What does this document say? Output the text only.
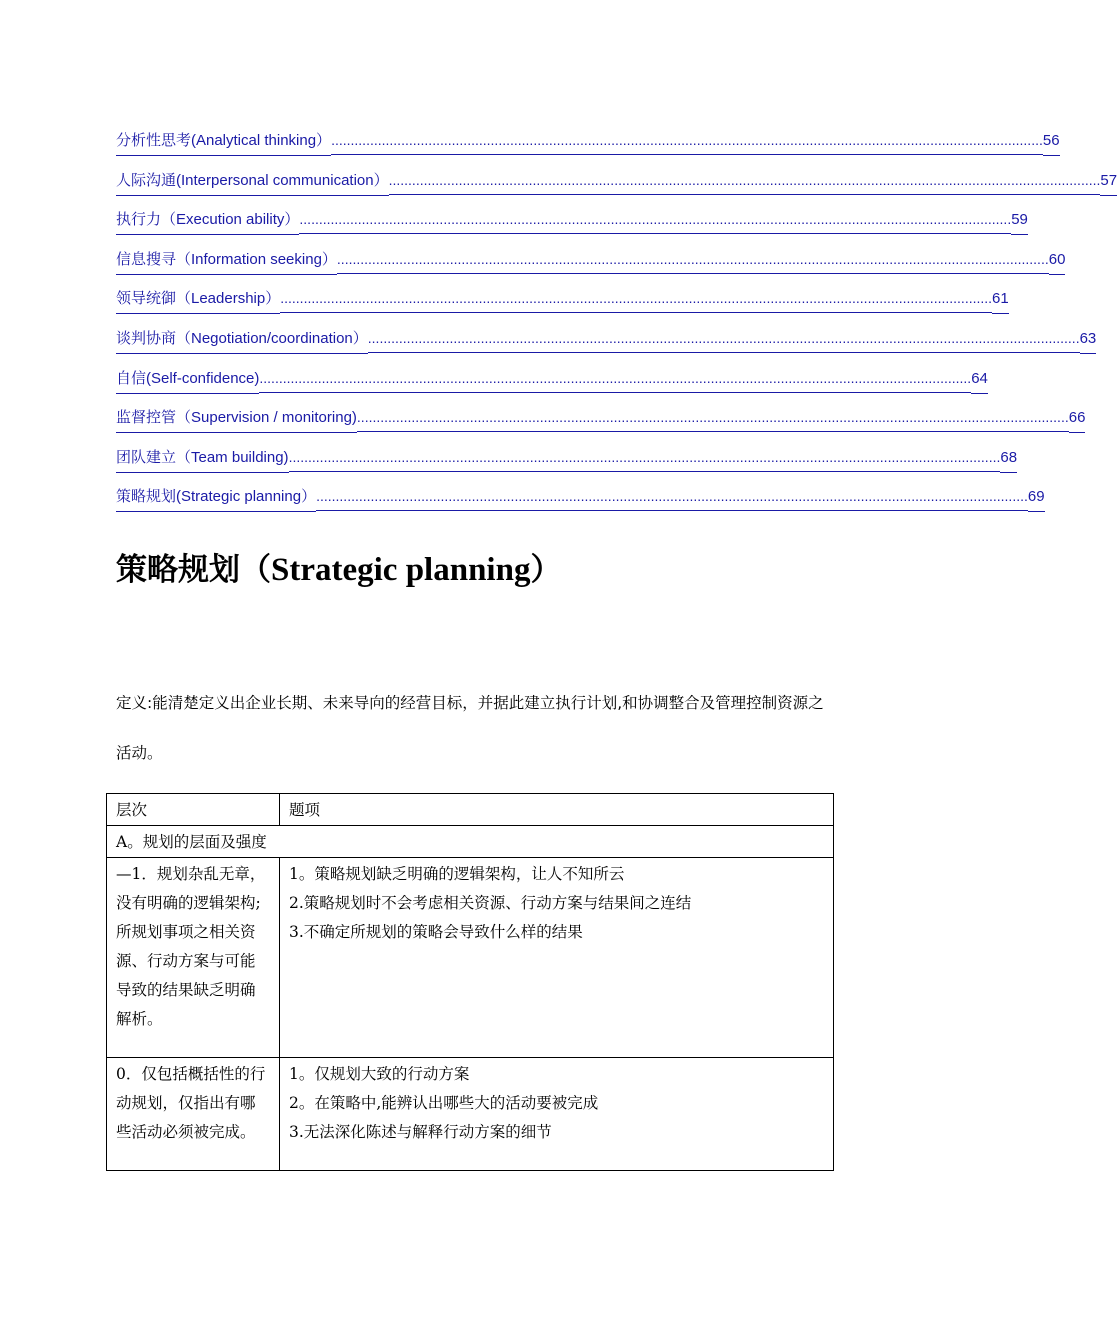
分析性思考(Analytical thinking） ....................................................................................................................................................................................... 56
人际沟通(Interpersonal communication） ....................................................................................................................................................................................... 57
执行力（Execution ability） ....................................................................................................................................................................................... 59
信息搜寻（Information seeking） ....................................................................................................................................................................................... 60
领导统御（Leadership） ....................................................................................................................................................................................... 61
谈判协商（Negotiation/coordination） ....................................................................................................................................................................................... 63
自信(Self-confidence) ....................................................................................................................................................................................... 64
监督控管（Supervision / monitoring) ....................................................................................................................................................................................... 66
团队建立（Team building) ....................................................................................................................................................................................... 68
策略规划(Strategic planning） ....................................................................................................................................................................................... 69
策略规划（Strategic planning）

定义:能清楚定义出企业长期、未来导向的经营目标，并据此建立执行计划,和协调整合及管理控制资源之活动。

层次	题项
A。规划的层面及强度	
—1．规划杂乱无章，没有明确的逻辑架构;所规划事项之相关资源、行动方案与可能导致的结果缺乏明确解析。	1。策略规划缺乏明确的逻辑架构，让人不知所云
2.策略规划时不会考虑相关资源、行动方案与结果间之连结
3.不确定所规划的策略会导致什么样的结果

0．仅包括概括性的行动规划，仅指出有哪些活动必须被完成。	1。仅规划大致的行动方案
2。在策略中,能辨认出哪些大的活动要被完成
3.无法深化陈述与解释行动方案的细节
